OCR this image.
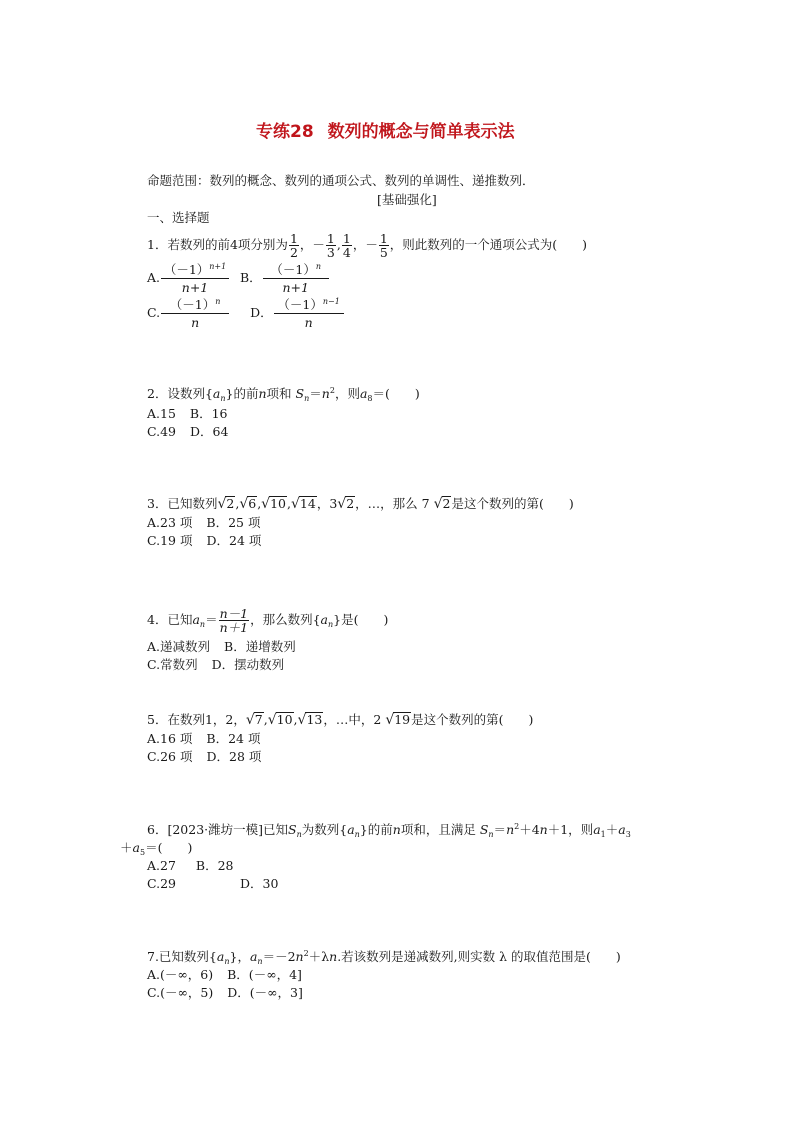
专练28 数列的概念与简单表示法
命题范围：数列的概念、数列的通项公式、数列的单调性、递推数列．
[基础强化]
一、选择题
1．若数列的前4项分别为 $\frac{1}{2}$ ，－ $\frac{1}{3}$ , $\frac{1}{4}$ ，－ $\frac{1}{5}$ ，则此数列的一个通项公式为(　　)
A. $\frac{(-1)^{n+1}}{n+1}$ B． $\frac{(-1)^n}{n+1}$
C. $\frac{(-1)^n}{n}$ D． $\frac{(-1)^{n-1}}{n}$
2．设数列$\{a_n\}$的前n项和 $S_n=n^2$，则$a_8=$(　　)
A.15 B．16
C.49 D．64
3．已知数列√2,√6,√10,√14，3√2，…，那么 7 √2是这个数列的第(　　)
A.23 项 B．25 项
C.19 项 D．24 项
4．已知$a_n= \frac{n-1}{n+1}$ ，那么数列$\{a_n\}$是(　　)
A.递减数列 B．递增数列
C.常数列 D．摆动数列
5．在数列1，2，√7,√10,√13，…中，2 √19是这个数列的第(　　)
A.16 项 B．24 项
C.26 项 D．28 项
6．[2023·潍坊一模]已知$S_n$为数列$\{a_n\}$的前n项和，且满足 $S_n=n^2+4n+1$，则$a_1+a_3$
$+a_5=$(　　)
A.27 B．28
C.29	D．30
7.已知数列$\{a_n\}$，$a_n=-2n^2+\lambda n$.若该数列是递减数列,则实数 λ 的取值范围是(　　)
A.(－∞，6) B．(－∞，4]
C.(－∞，5) D．(－∞，3]
